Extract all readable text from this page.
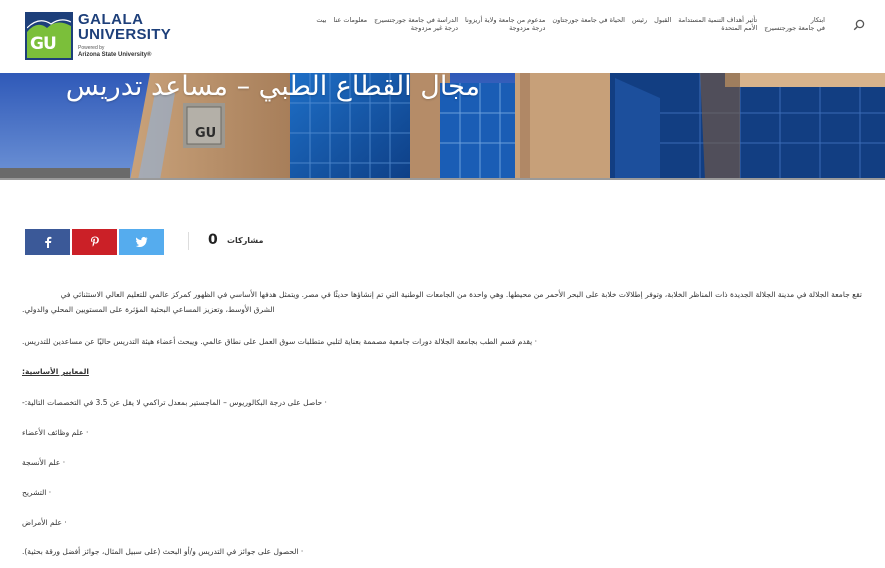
GU
GALALA
UNIVERSITY
Powered by
Arizona State University®
ابتكار
في جامعة جورجتسيرج
تأثير أهداف التنمية المستدامة
الأمم المتحدة
القبول
رئيس
الحياة في جامعة جورجتاون
مدعوم من جامعة ولاية أريزونا
درجة مزدوجة
الدراسة في جامعة جورجتسيرج
درجة غير مزدوجة
معلومات عنا
بيت
GU
مجال القطاع الطبي – مساعد تدريس
0 مشاركات
تقع جامعة الجلالة في مدينة الجلالة الجديدة ذات المناظر الخلابة، وتوفر إطلالات خلابة على البحر الأحمر من محيطها. وهي واحدة من الجامعات الوطنية التي تم إنشاؤها حديثًا في مصر. ويتمثل هدفها الأساسي في الظهور كمركز عالمي للتعليم العالي الاستثنائي في
الشرق الأوسط، وتعزيز المساعي البحثية المؤثرة على المستويين المحلي والدولي.
· يقدم قسم الطب بجامعة الجلالة دورات جامعية مصممة بعناية لتلبي متطلبات سوق العمل على نطاق عالمي. ويبحث أعضاء هيئة التدريس حاليًا عن مساعدين للتدريس.
المعايير الأساسية:
· حاصل على درجة البكالوريوس – الماجستير بمعدل تراكمي لا يقل عن 3.5 في التخصصات التالية:-
· علم وظائف الأعضاء
· علم الأنسجة
· التشريح
· علم الأمراض
· الحصول على جوائز في التدريس و/أو البحث (على سبيل المثال، جوائز أفضل ورقة بحثية).
